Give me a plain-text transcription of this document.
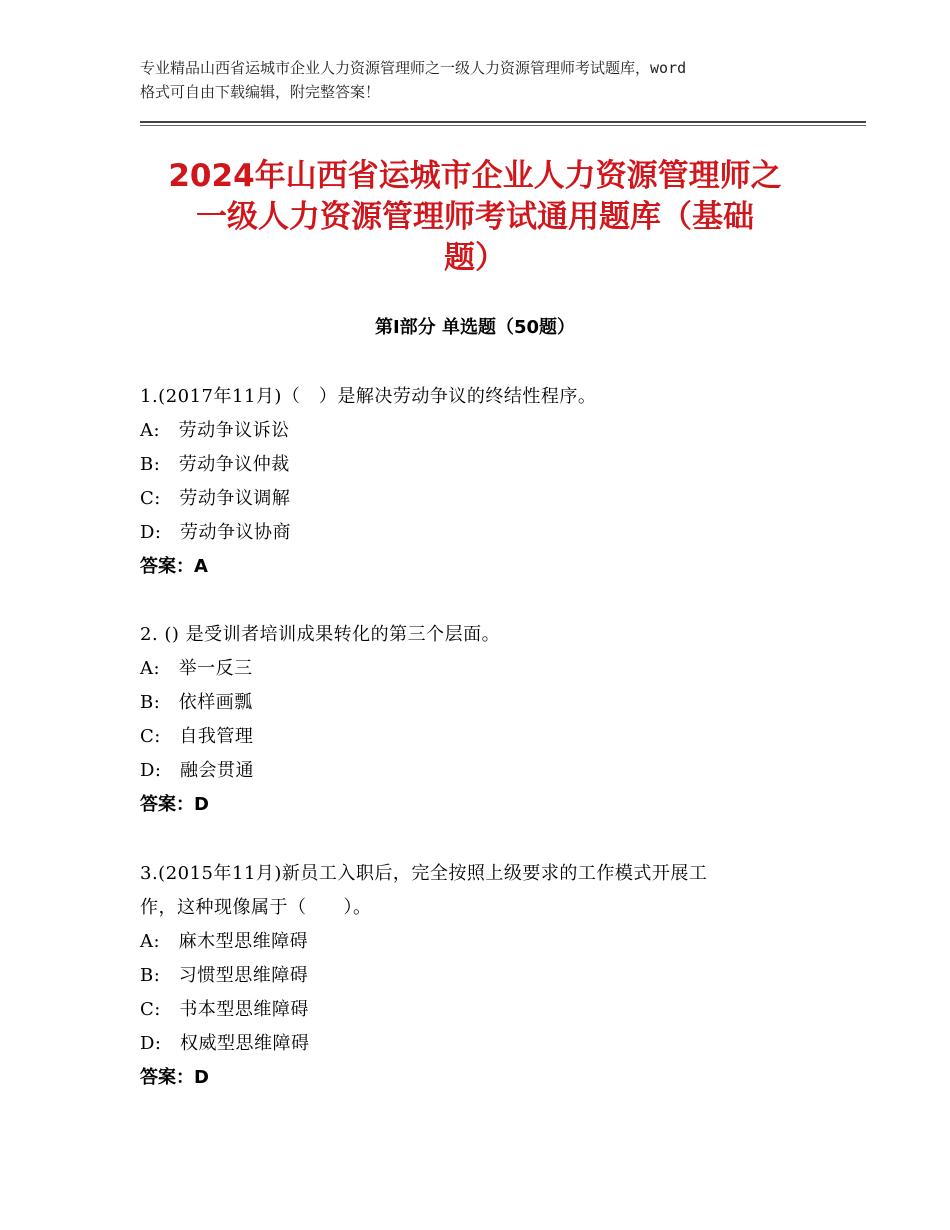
专业精品山西省运城市企业人力资源管理师之一级人力资源管理师考试题库，word
格式可自由下载编辑，附完整答案！
2024年山西省运城市企业人力资源管理师之
一级人力资源管理师考试通用题库（基础
题）
第Ⅰ部分 单选题（50题）
1.(2017年11月)（　）是解决劳动争议的终结性程序。
A:　劳动争议诉讼
B:　劳动争议仲裁
C:　劳动争议调解
D:　劳动争议协商
答案：A
2. () 是受训者培训成果转化的第三个层面。
A:　举一反三
B:　依样画瓢
C:　自我管理
D:　融会贯通
答案：D
3.(2015年11月)新员工入职后，完全按照上级要求的工作模式开展工
作，这种现像属于（　　）。
A:　麻木型思维障碍
B:　习惯型思维障碍
C:　书本型思维障碍
D:　权威型思维障碍
答案：D
